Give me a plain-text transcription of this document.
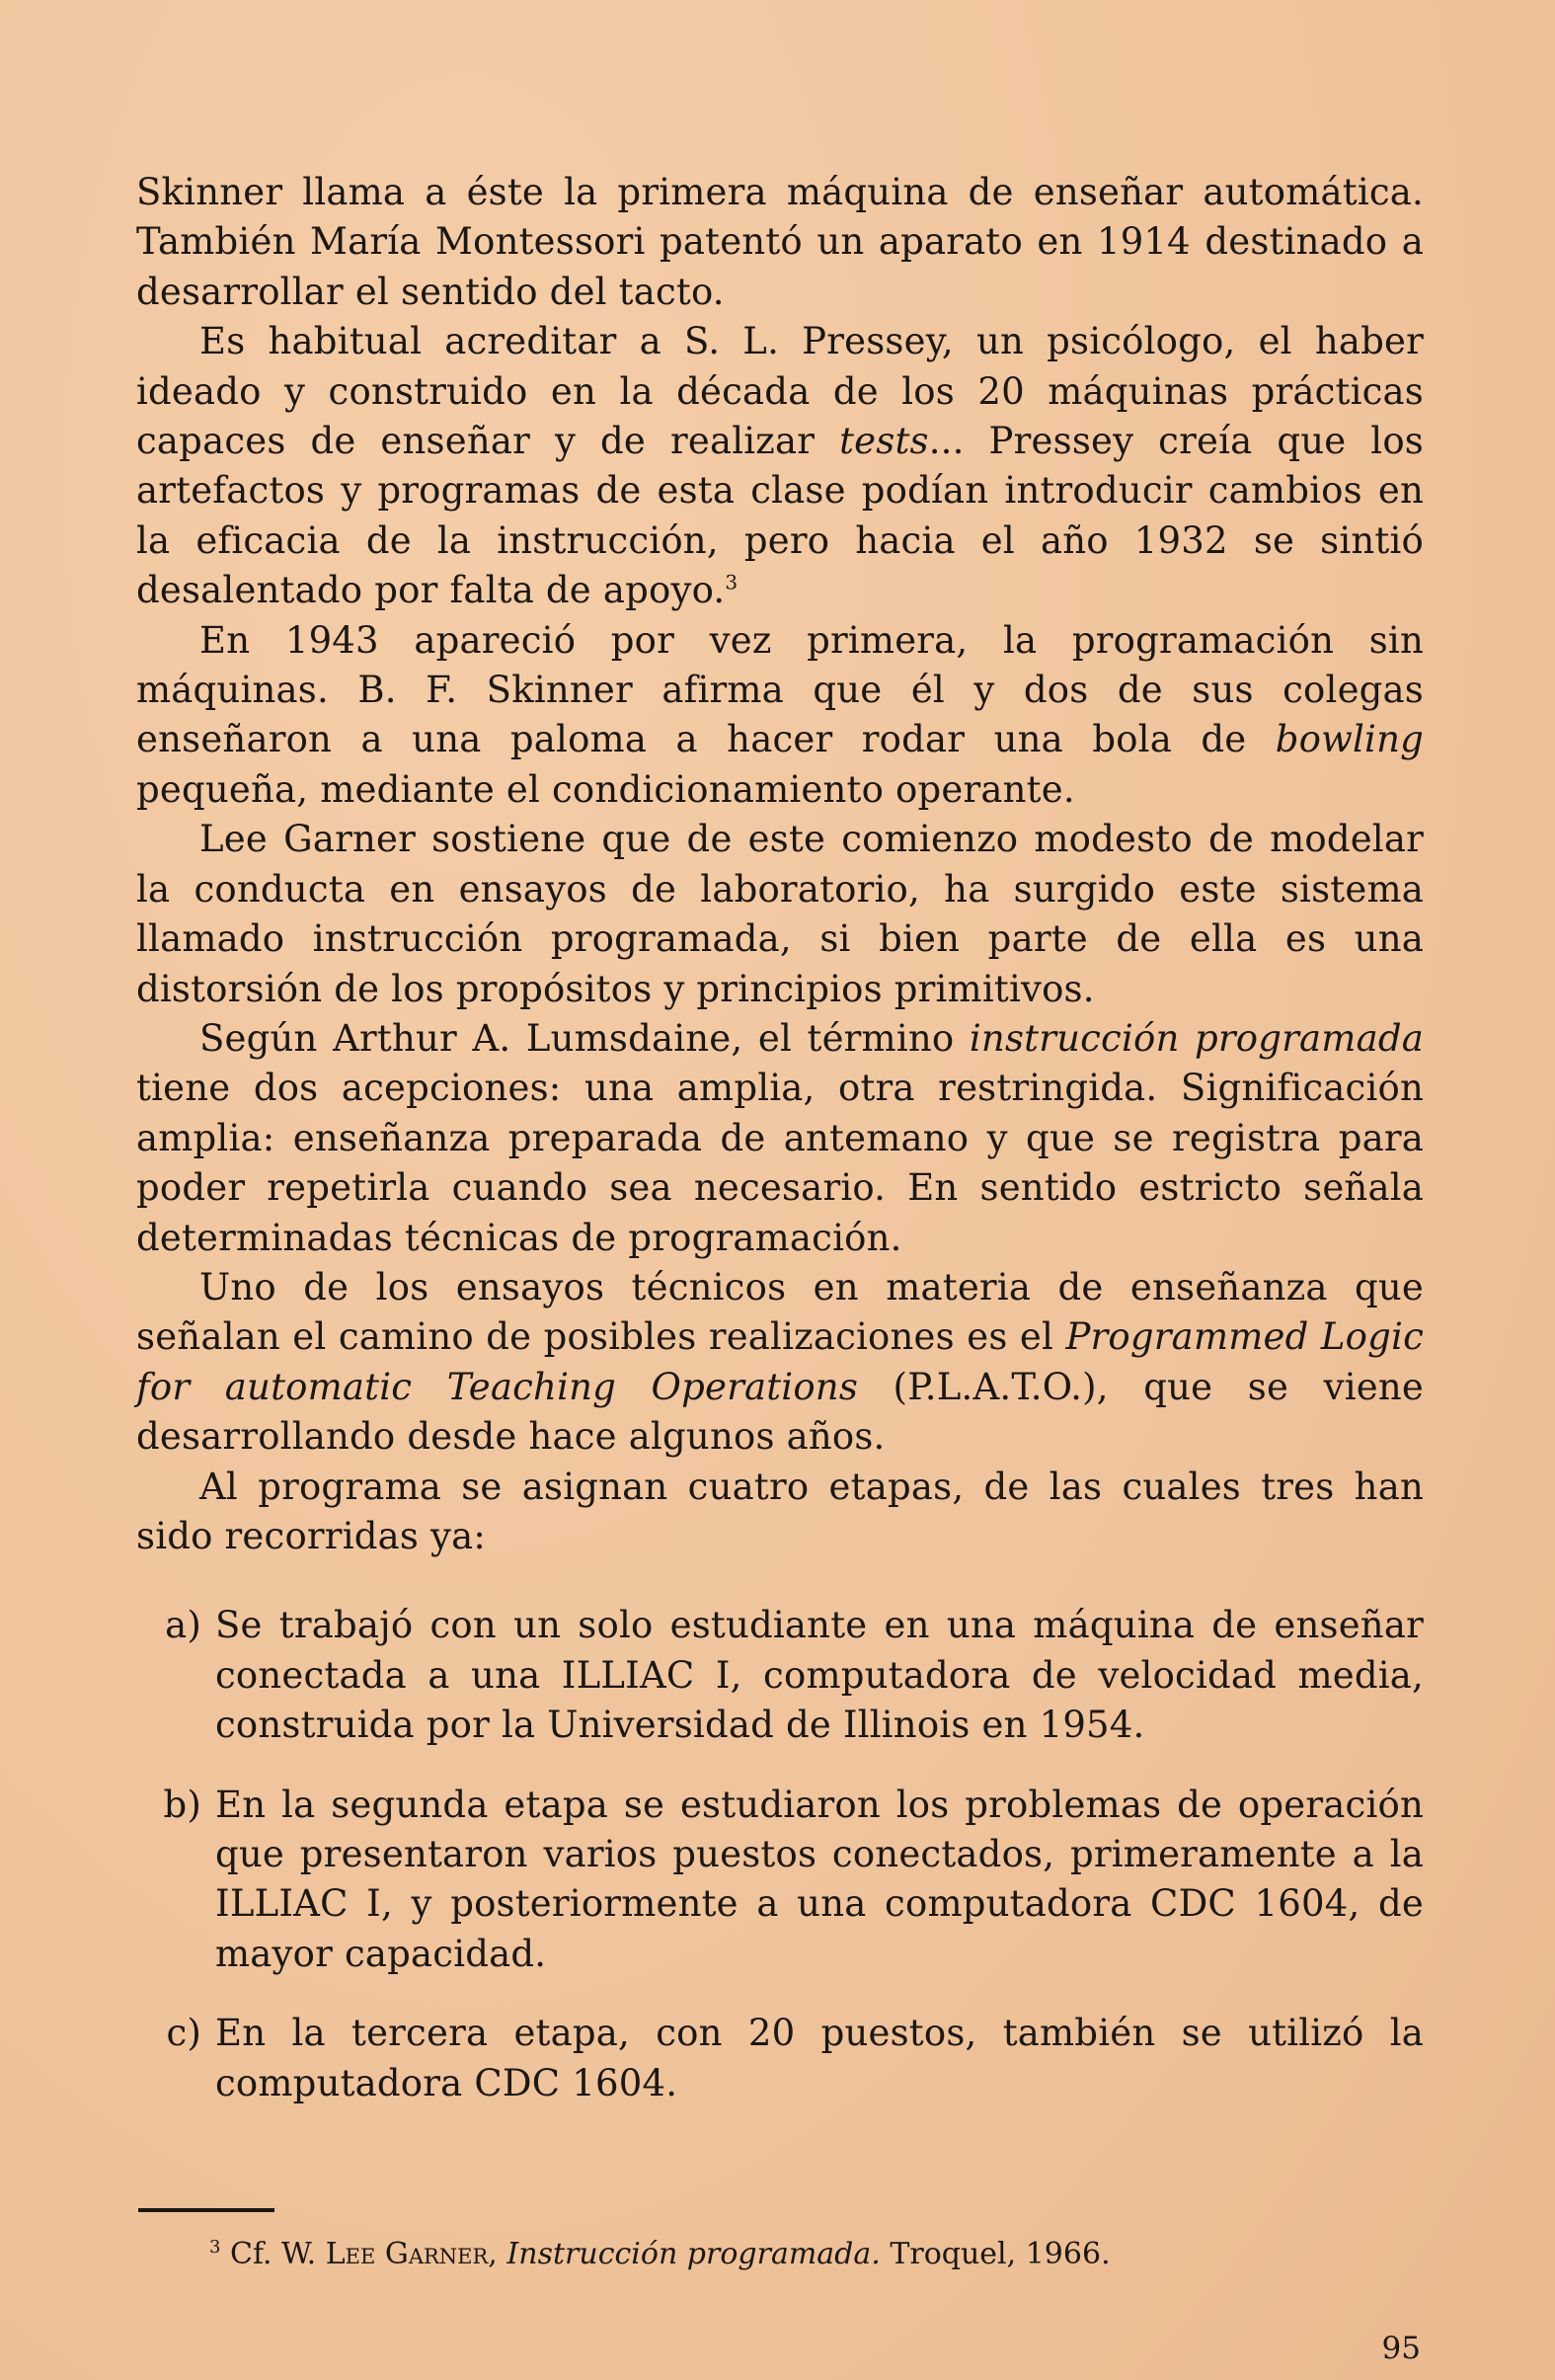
Skinner llama a éste la primera máquina de enseñar automática. También María Montessori patentó un aparato en 1914 destinado a desarrollar el sentido del tacto.

Es habitual acreditar a S. L. Pressey, un psicólogo, el haber ideado y construido en la década de los 20 máquinas prácticas capaces de enseñar y de realizar tests... Pressey creía que los artefactos y programas de esta clase podían introducir cambios en la eficacia de la instrucción, pero hacia el año 1932 se sintió desalentado por falta de apoyo.$^3$

En 1943 apareció por vez primera, la programación sin máquinas. B. F. Skinner afirma que él y dos de sus colegas enseñaron a una paloma a hacer rodar una bola de bowling pequeña, mediante el condicionamiento operante.

Lee Garner sostiene que de este comienzo modesto de modelar la conducta en ensayos de laboratorio, ha surgido este sistema llamado instrucción programada, si bien parte de ella es una distorsión de los propósitos y principios primitivos.

Según Arthur A. Lumsdaine, el término instrucción programada tiene dos acepciones: una amplia, otra restringida. Significación amplia: enseñanza preparada de antemano y que se registra para poder repetirla cuando sea necesario. En sentido estricto señala determinadas técnicas de programación.

Uno de los ensayos técnicos en materia de enseñanza que señalan el camino de posibles realizaciones es el Programmed Logic for automatic Teaching Operations (P.L.A.T.O.), que se viene desarrollando desde hace algunos años.

Al programa se asignan cuatro etapas, de las cuales tres han sido recorridas ya:

a) Se trabajó con un solo estudiante en una máquina de enseñar conectada a una ILLIAC I, computadora de velocidad media, construida por la Universidad de Illinois en 1954.
b) En la segunda etapa se estudiaron los problemas de operación que presentaron varios puestos conectados, primeramente a la ILLIAC I, y posteriormente a una computadora CDC 1604, de mayor capacidad.
c) En la tercera etapa, con 20 puestos, también se utilizó la computadora CDC 1604.
$^3$ Cf. W. Lee Garner, Instrucción programada. Troquel, 1966.
95
